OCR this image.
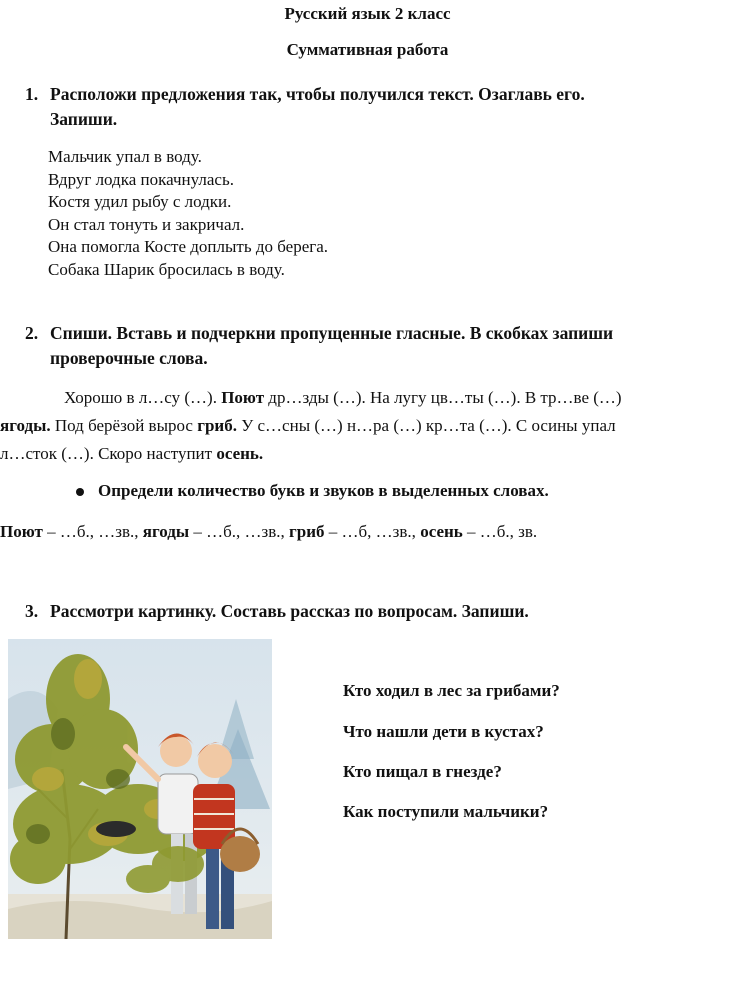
Русский язык 2 класс
Суммативная работа
1. Расположи предложения так, чтобы получился текст. Озаглавь его.
Запиши.
Мальчик упал в воду.
Вдруг лодка покачнулась.
Костя удил рыбу с лодки.
Он стал тонуть и закричал.
Она помогла Косте доплыть до берега.
Собака Шарик бросилась в воду.
2. Спиши. Вставь и подчеркни пропущенные гласные. В скобках запиши
проверочные слова.
Хорошо в л…су (…). Поют др…зды (…). На лугу цв…ты (…). В тр…ве (…)
ягоды. Под берёзой вырос гриб. У с…сны (…) н…ра (…) кр…та (…). С осины упал
л…сток (…). Скоро наступит осень.
Определи количество букв и звуков в выделенных словах.
Поют – …б., …зв., ягоды – …б., …зв., гриб – …б, …зв., осень – …б., зв.
3. Рассмотри картинку. Составь рассказ по вопросам. Запиши.
Кто ходил в лес за грибами?
Что нашли дети в кустах?
Кто пищал в гнезде?
Как поступили мальчики?
